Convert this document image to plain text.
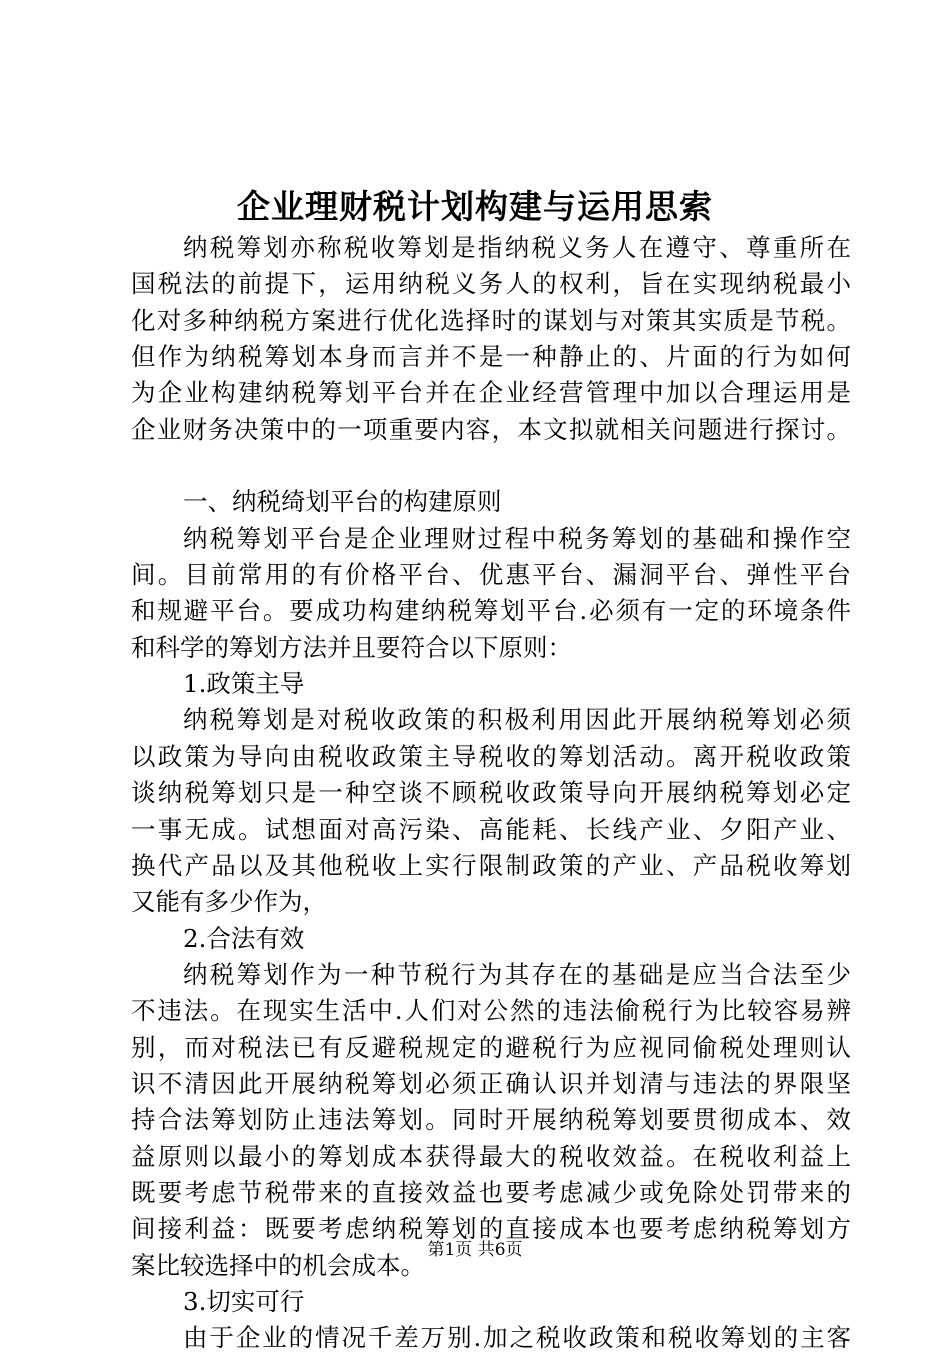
企业理财税计划构建与运用思索
纳税筹划亦称税收筹划是指纳税义务人在遵守、尊重所在
国税法的前提下，运用纳税义务人的权利，旨在实现纳税最小
化对多种纳税方案进行优化选择时的谋划与对策其实质是节税。
但作为纳税筹划本身而言并不是一种静止的、片面的行为如何
为企业构建纳税筹划平台并在企业经营管理中加以合理运用是
企业财务决策中的一项重要内容，本文拟就相关问题进行探讨。
一、纳税绮划平台的构建原则
纳税筹划平台是企业理财过程中税务筹划的基础和操作空
间。目前常用的有价格平台、优惠平台、漏洞平台、弹性平台
和规避平台。要成功构建纳税筹划平台.必须有一定的环境条件
和科学的筹划方法并且要符合以下原则：
1.政策主导
纳税筹划是对税收政策的积极利用因此开展纳税筹划必须
以政策为导向由税收政策主导税收的筹划活动。离开税收政策
谈纳税筹划只是一种空谈不顾税收政策导向开展纳税筹划必定
一事无成。试想面对高污染、高能耗、长线产业、夕阳产业、
换代产品以及其他税收上实行限制政策的产业、产品税收筹划
又能有多少作为，
2.合法有效
纳税筹划作为一种节税行为其存在的基础是应当合法至少
不违法。在现实生活中.人们对公然的违法偷税行为比较容易辨
别，而对税法已有反避税规定的避税行为应视同偷税处理则认
识不清因此开展纳税筹划必须正确认识并划清与违法的界限坚
持合法筹划防止违法筹划。同时开展纳税筹划要贯彻成本、效
益原则以最小的筹划成本获得最大的税收效益。在税收利益上
既要考虑节税带来的直接效益也要考虑减少或免除处罚带来的
间接利益：既要考虑纳税筹划的直接成本也要考虑纳税筹划方
案比较选择中的机会成本。
3.切实可行
由于企业的情况千差万别.加之税收政策和税收筹划的主客
第1页 共6页
